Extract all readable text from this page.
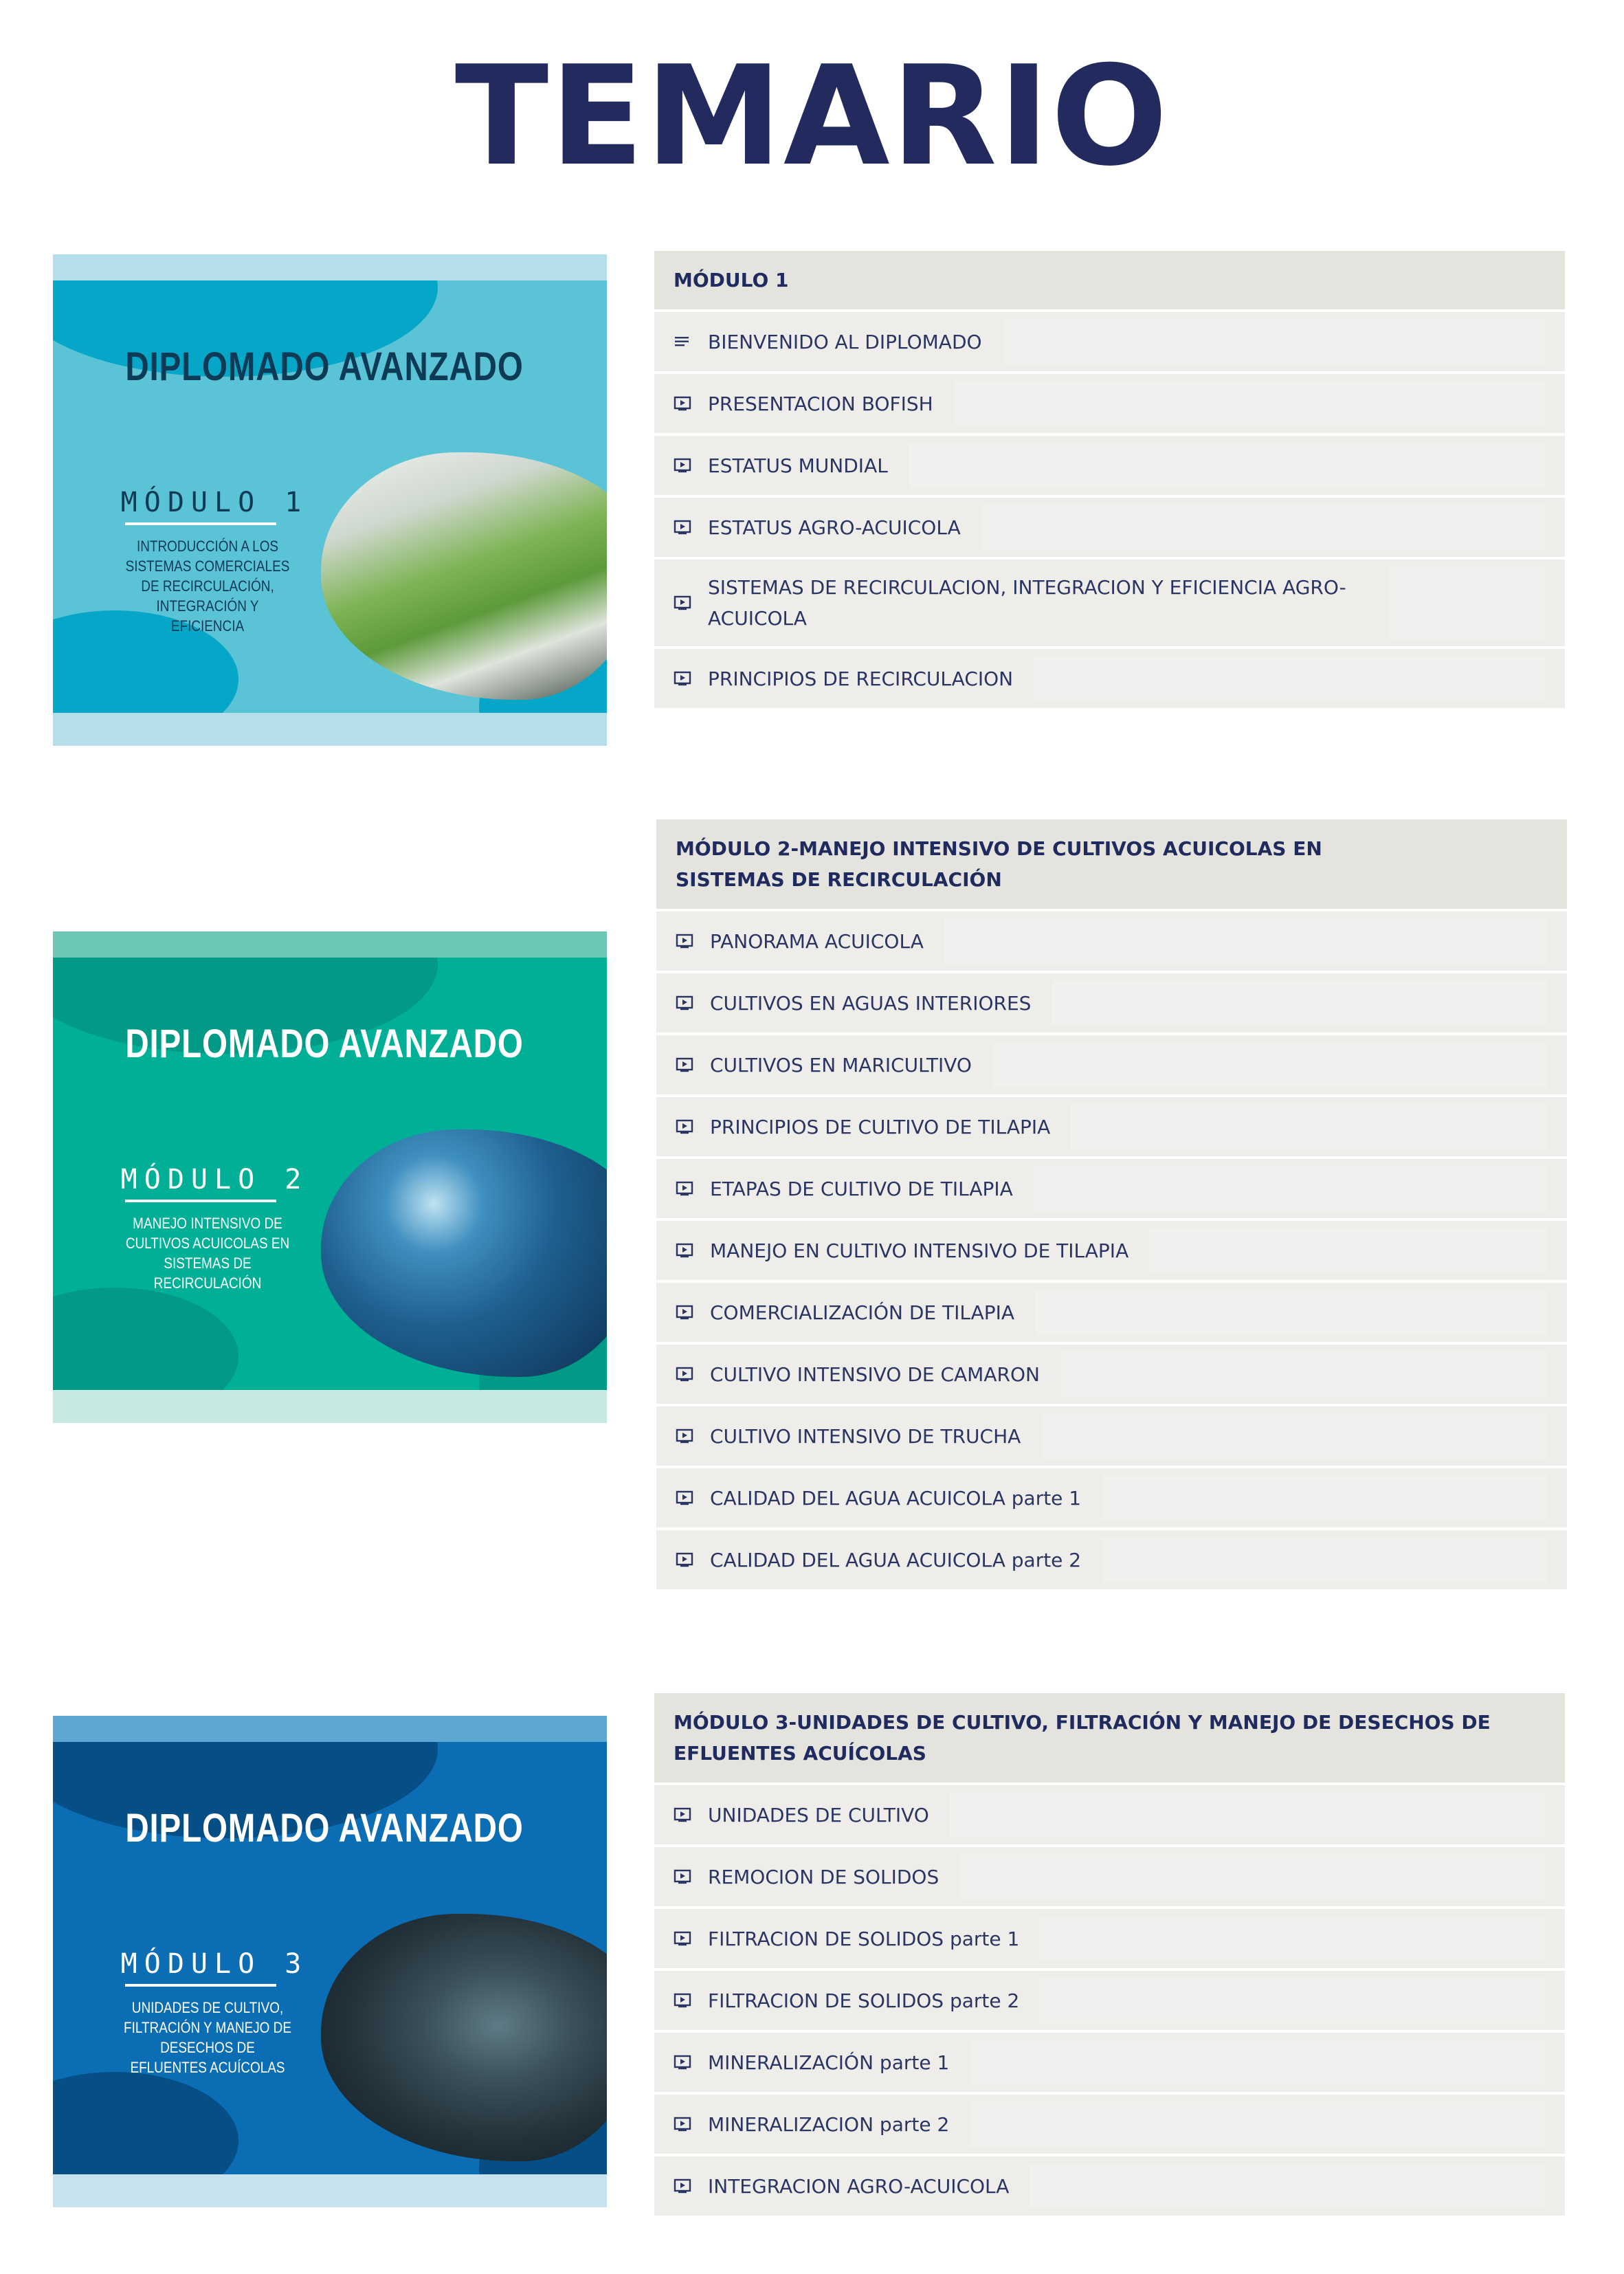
TEMARIO
DIPLOMADO AVANZADO
MÓDULO 1
INTRODUCCIÓN A LOS SISTEMAS COMERCIALES DE RECIRCULACIÓN, INTEGRACIÓN Y EFICIENCIA
DIPLOMADO AVANZADO
MÓDULO 2
MANEJO INTENSIVO DE CULTIVOS ACUICOLAS EN SISTEMAS DE RECIRCULACIÓN
DIPLOMADO AVANZADO
MÓDULO 3
UNIDADES DE CULTIVO, FILTRACIÓN Y MANEJO DE DESECHOS DE EFLUENTES ACUÍCOLAS
MÓDULO 1
BIENVENIDO AL DIPLOMADO
PRESENTACION BOFISH
ESTATUS MUNDIAL
ESTATUS AGRO-ACUICOLA
SISTEMAS DE RECIRCULACION, INTEGRACION Y EFICIENCIA AGRO-ACUICOLA
PRINCIPIOS DE RECIRCULACION
MÓDULO 2-MANEJO INTENSIVO DE CULTIVOS ACUICOLAS EN SISTEMAS DE RECIRCULACIÓN
PANORAMA ACUICOLA
CULTIVOS EN AGUAS INTERIORES
CULTIVOS EN MARICULTIVO
PRINCIPIOS DE CULTIVO DE TILAPIA
ETAPAS DE CULTIVO DE TILAPIA
MANEJO EN CULTIVO INTENSIVO DE TILAPIA
COMERCIALIZACIÓN DE TILAPIA
CULTIVO INTENSIVO DE CAMARON
CULTIVO INTENSIVO DE TRUCHA
CALIDAD DEL AGUA ACUICOLA parte 1
CALIDAD DEL AGUA ACUICOLA parte 2
MÓDULO 3-UNIDADES DE CULTIVO, FILTRACIÓN Y MANEJO DE DESECHOS DE EFLUENTES ACUÍCOLAS
UNIDADES DE CULTIVO
REMOCION DE SOLIDOS
FILTRACION DE SOLIDOS parte 1
FILTRACION DE SOLIDOS parte 2
MINERALIZACIÓN parte 1
MINERALIZACION parte 2
INTEGRACION AGRO-ACUICOLA
